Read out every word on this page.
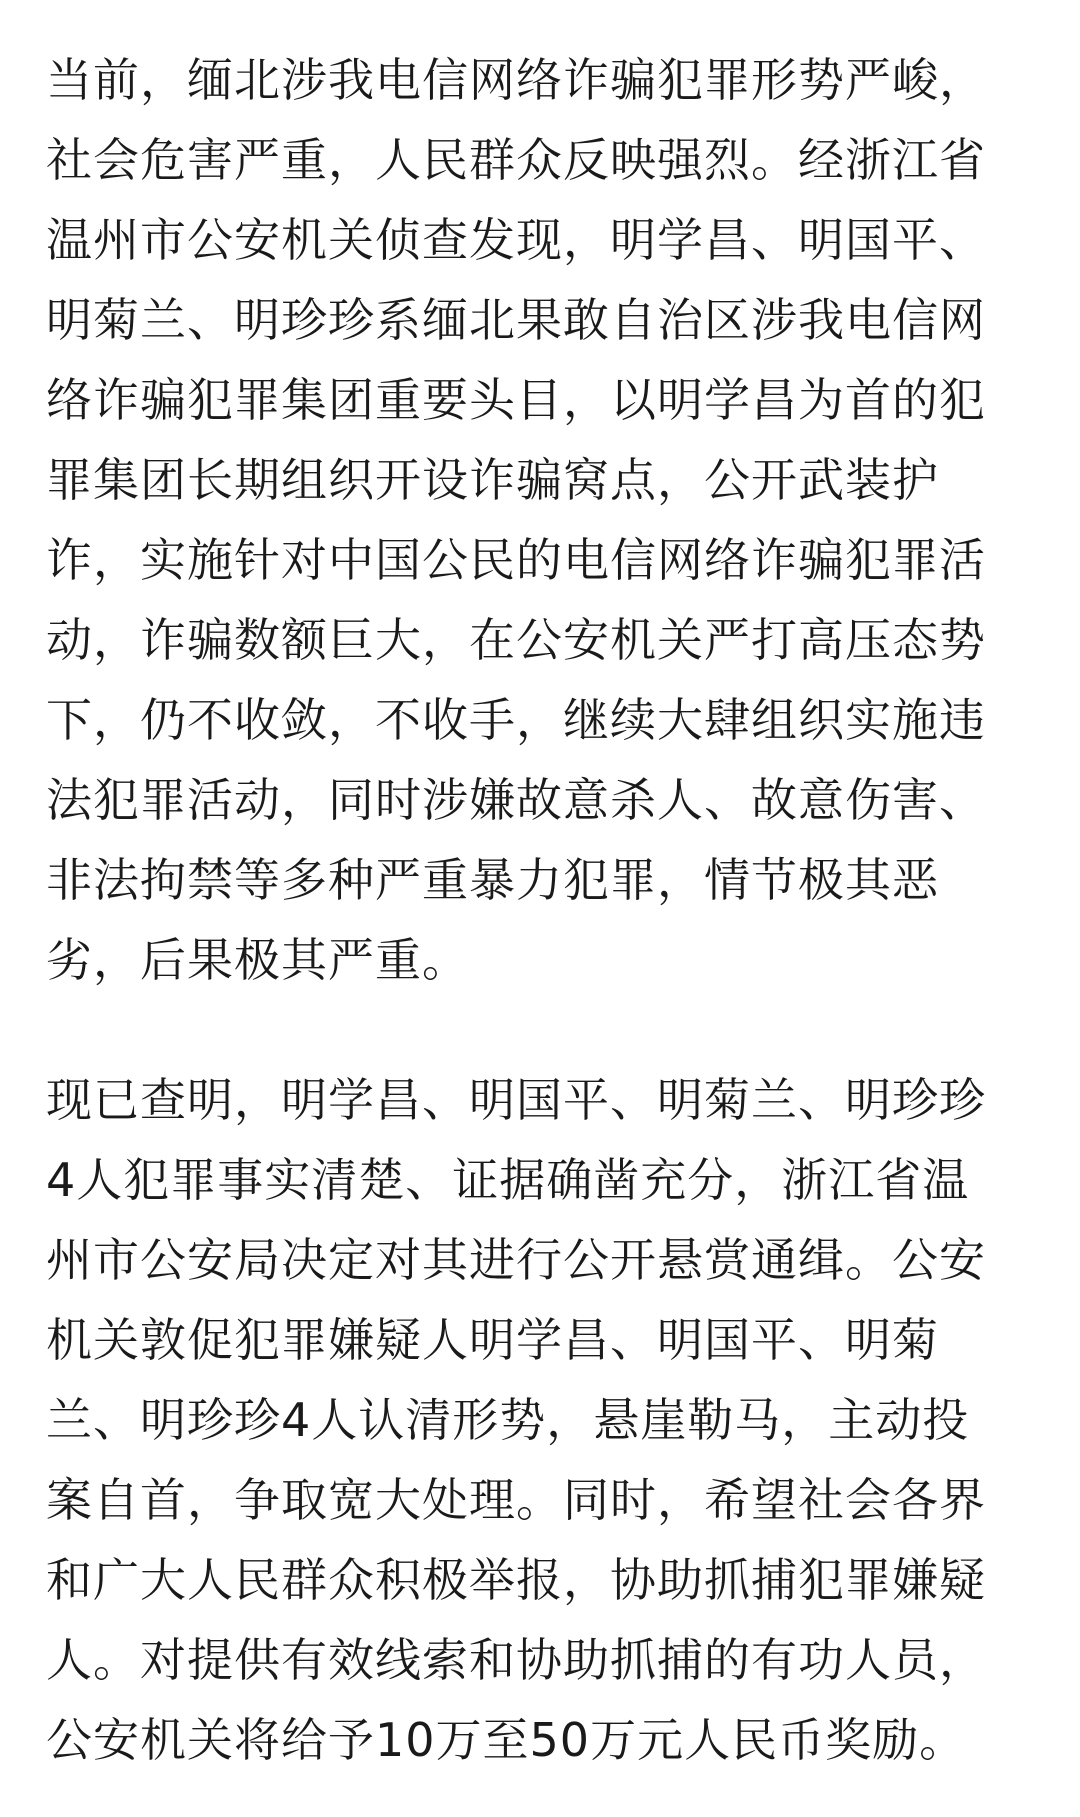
当前，缅北涉我电信网络诈骗犯罪形势严峻，
社会危害严重，人民群众反映强烈。经浙江省
温州市公安机关侦查发现，明学昌、明国平、
明菊兰、明珍珍系缅北果敢自治区涉我电信网
络诈骗犯罪集团重要头目，以明学昌为首的犯
罪集团长期组织开设诈骗窝点，公开武装护
诈，实施针对中国公民的电信网络诈骗犯罪活
动，诈骗数额巨大，在公安机关严打高压态势
下，仍不收敛，不收手，继续大肆组织实施违
法犯罪活动，同时涉嫌故意杀人、故意伤害、
非法拘禁等多种严重暴力犯罪，情节极其恶
劣，后果极其严重。
现已查明，明学昌、明国平、明菊兰、明珍珍
4人犯罪事实清楚、证据确凿充分，浙江省温
州市公安局决定对其进行公开悬赏通缉。公安
机关敦促犯罪嫌疑人明学昌、明国平、明菊
兰、明珍珍4人认清形势，悬崖勒马，主动投
案自首，争取宽大处理。同时，希望社会各界
和广大人民群众积极举报，协助抓捕犯罪嫌疑
人。对提供有效线索和协助抓捕的有功人员，
公安机关将给予10万至50万元人民币奖励。
